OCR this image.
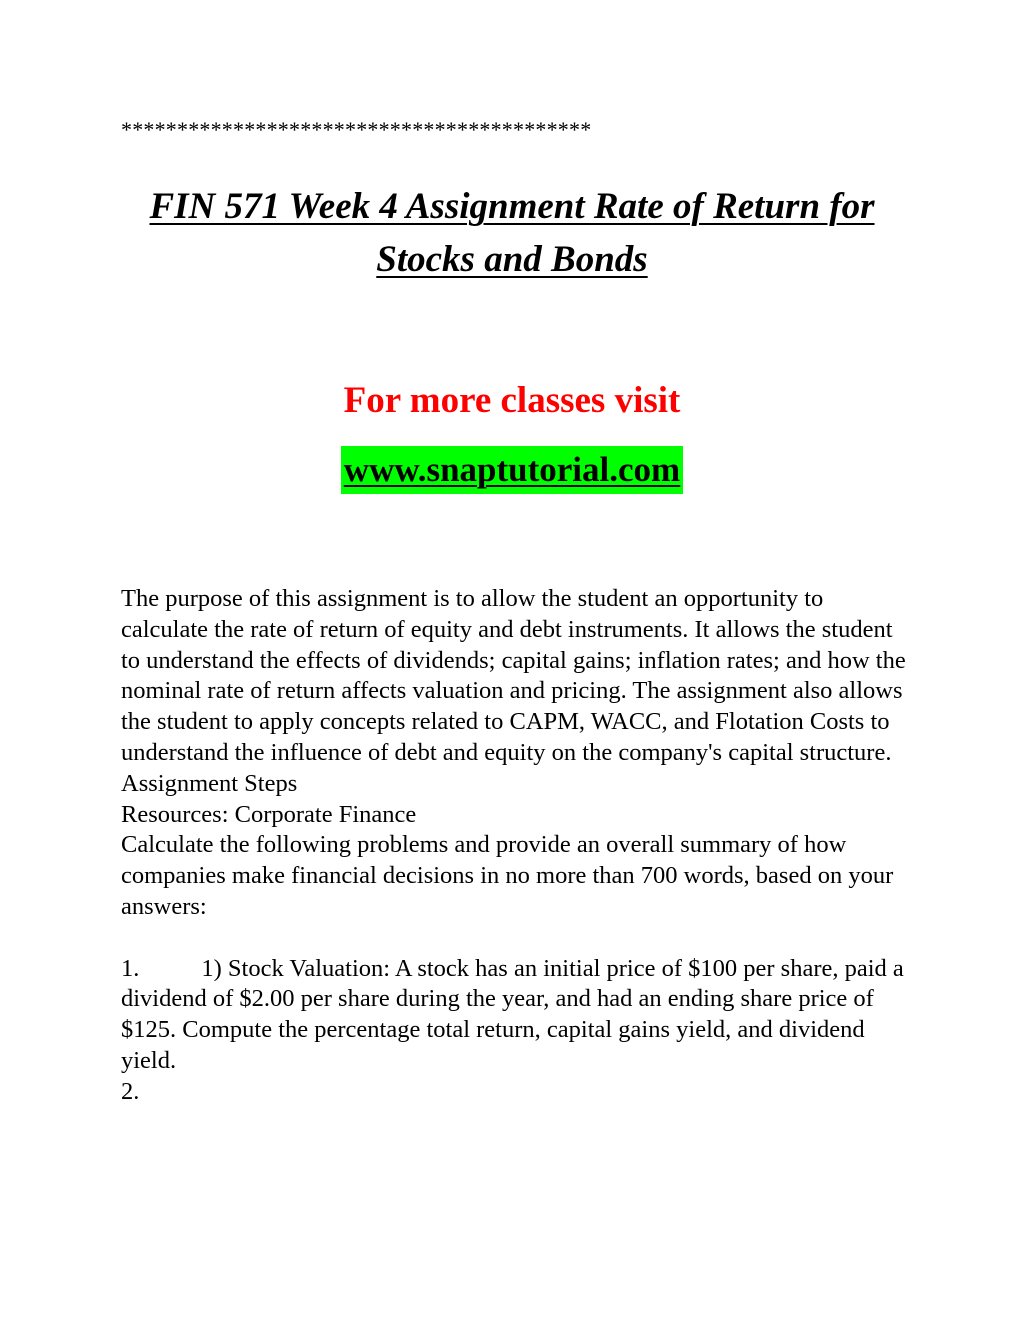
******************************************
FIN 571 Week 4 Assignment Rate of Return for Stocks and Bonds
For more classes visit
www.snaptutorial.com

The purpose of this assignment is to allow the student an opportunity to calculate the rate of return of equity and debt instruments. It allows the student to understand the effects of dividends; capital gains; inflation rates; and how the nominal rate of return affects valuation and pricing. The assignment also allows the student to apply concepts related to CAPM, WACC, and Flotation Costs to understand the influence of debt and equity on the company's capital structure.

Assignment Steps

Resources: Corporate Finance

Calculate the following problems and provide an overall summary of how companies make financial decisions in no more than 700 words, based on your answers:

1.	1) Stock Valuation: A stock has an initial price of $100 per share, paid a dividend of $2.00 per share during the year, and had an ending share price of $125. Compute the percentage total return, capital gains yield, and dividend yield.

2.
